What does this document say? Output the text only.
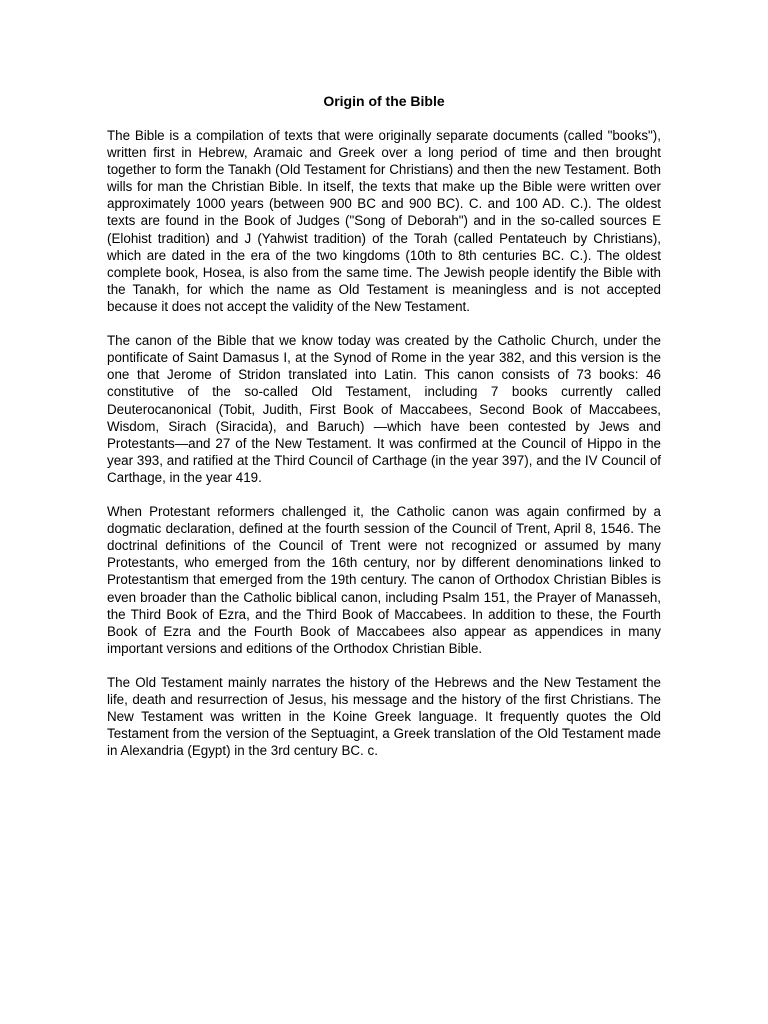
Origin of the Bible

The Bible is a compilation of texts that were originally separate documents (called "books"), written first in Hebrew, Aramaic and Greek over a long period of time and then brought together to form the Tanakh (Old Testament for Christians) and then the new Testament. Both wills for man the Christian Bible. In itself, the texts that make up the Bible were written over approximately 1000 years (between 900 BC and 900 BC). C. and 100 AD. C.). The oldest texts are found in the Book of Judges ("Song of Deborah") and in the so-called sources E (Elohist tradition) and J (Yahwist tradition) of the Torah (called Pentateuch by Christians), which are dated in the era of the two kingdoms (10th to 8th centuries BC. C.). The oldest complete book, Hosea, is also from the same time. The Jewish people identify the Bible with the Tanakh, for which the name as Old Testament is meaningless and is not accepted because it does not accept the validity of the New Testament.

The canon of the Bible that we know today was created by the Catholic Church, under the pontificate of Saint Damasus I, at the Synod of Rome in the year 382, and this version is the one that Jerome of Stridon translated into Latin. This canon consists of 73 books: 46 constitutive of the so-called Old Testament, including 7 books currently called Deuterocanonical (Tobit, Judith, First Book of Maccabees, Second Book of Maccabees, Wisdom, Sirach (Siracida), and Baruch) —which have been contested by Jews and Protestants—and 27 of the New Testament. It was confirmed at the Council of Hippo in the year 393, and ratified at the Third Council of Carthage (in the year 397), and the IV Council of Carthage, in the year 419.

When Protestant reformers challenged it, the Catholic canon was again confirmed by a dogmatic declaration, defined at the fourth session of the Council of Trent, April 8, 1546. The doctrinal definitions of the Council of Trent were not recognized or assumed by many Protestants, who emerged from the 16th century, nor by different denominations linked to Protestantism that emerged from the 19th century. The canon of Orthodox Christian Bibles is even broader than the Catholic biblical canon, including Psalm 151, the Prayer of Manasseh, the Third Book of Ezra, and the Third Book of Maccabees. In addition to these, the Fourth Book of Ezra and the Fourth Book of Maccabees also appear as appendices in many important versions and editions of the Orthodox Christian Bible.

The Old Testament mainly narrates the history of the Hebrews and the New Testament the life, death and resurrection of Jesus, his message and the history of the first Christians. The New Testament was written in the Koine Greek language. It frequently quotes the Old Testament from the version of the Septuagint, a Greek translation of the Old Testament made in Alexandria (Egypt) in the 3rd century BC. c.
